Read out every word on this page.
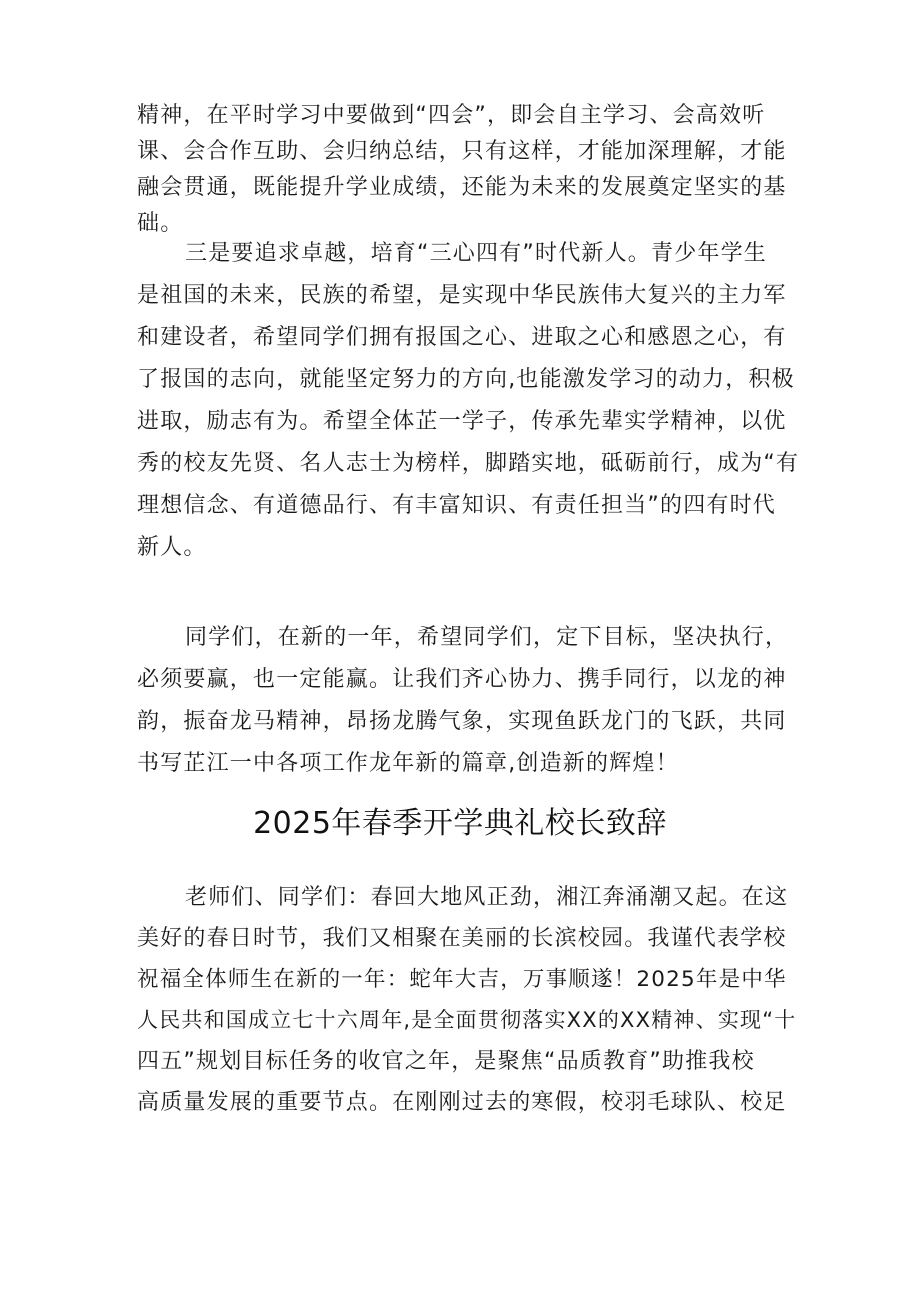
精神，在平时学习中要做到“四会”，即会自主学习、会高效听
课、会合作互助、会归纳总结，只有这样，才能加深理解，才能
融会贯通，既能提升学业成绩，还能为未来的发展奠定坚实的基
础。
三是要追求卓越，培育“三心四有”时代新人。青少年学生
是祖国的未来，民族的希望，是实现中华民族伟大复兴的主力军
和建设者，希望同学们拥有报国之心、进取之心和感恩之心，有
了报国的志向，就能坚定努力的方向,也能激发学习的动力，积极
进取，励志有为。希望全体芷一学子，传承先辈实学精神，以优
秀的校友先贤、名人志士为榜样，脚踏实地，砥砺前行，成为“有
理想信念、有道德品行、有丰富知识、有责任担当”的四有时代
新人。
同学们，在新的一年，希望同学们，定下目标，坚决执行，
必须要赢，也一定能赢。让我们齐心协力、携手同行，以龙的神
韵，振奋龙马精神，昂扬龙腾气象，实现鱼跃龙门的飞跃，共同
书写芷江一中各项工作龙年新的篇章,创造新的辉煌！
2025年春季开学典礼校长致辞
老师们、同学们：春回大地风正劲，湘江奔涌潮又起。在这
美好的春日时节，我们又相聚在美丽的长滨校园。我谨代表学校
祝福全体师生在新的一年：蛇年大吉，万事顺遂！2025年是中华
人民共和国成立七十六周年,是全面贯彻落实XX的XX精神、实现“十
四五”规划目标任务的收官之年，是聚焦“品质教育”助推我校
高质量发展的重要节点。在刚刚过去的寒假，校羽毛球队、校足
